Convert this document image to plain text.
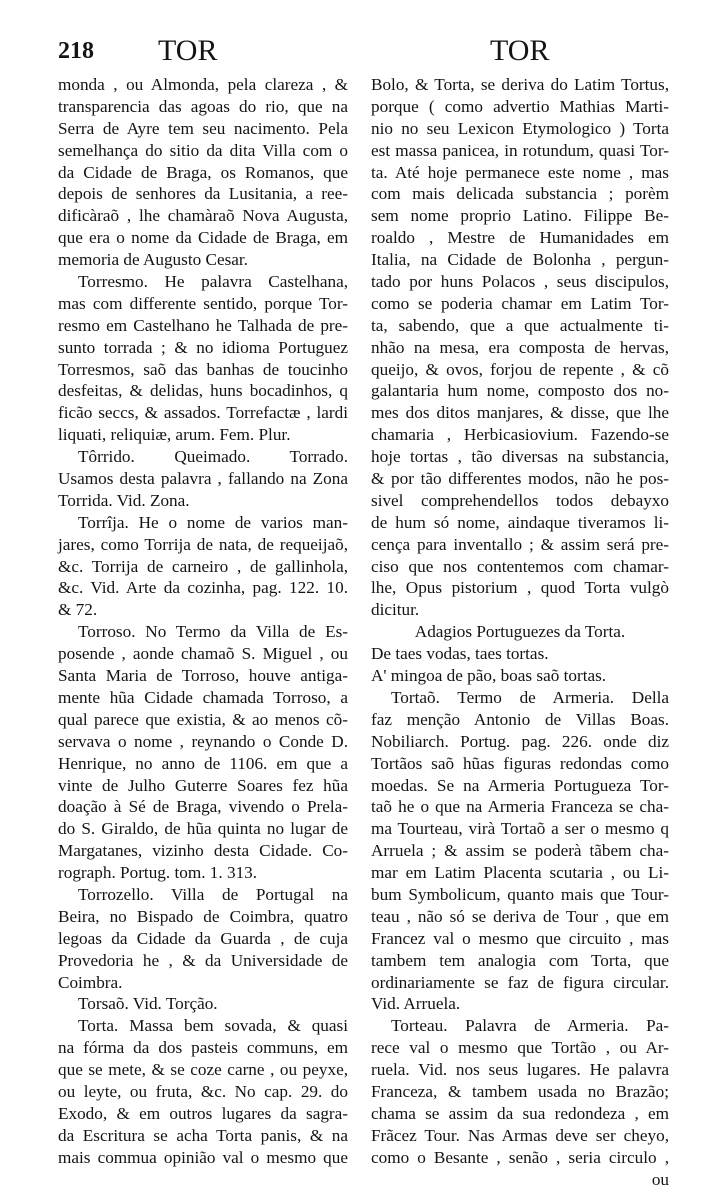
218 TOR	TOR
monda , ou Almonda, pela clareza , &
transparencia das agoas do rio, que na
Serra de Ayre tem seu nacimento. Pela
semelhança do sitio da dita Villa com o
da Cidade de Braga, os Romanos, que
depois de senhores da Lusitania, a ree-
dificàraõ , lhe chamàraõ Nova Augusta,
que era o nome da Cidade de Braga, em
memoria de Augusto Cesar.
Torresmo. He palavra Castelhana,
mas com differente sentido, porque Tor-
resmo em Castelhano he Talhada de pre-
sunto torrada ; & no idioma Portuguez
Torresmos, saõ das banhas de toucinho
desfeitas, & delidas, huns bocadinhos, q
ficão seccs, & assados. Torrefactæ , lardi
liquati, reliquiæ, arum. Fem. Plur.
Tôrrido. Queimado. Torrado.
Usamos desta palavra , fallando na Zona
Torrida. Vid. Zona.
Torrîja. He o nome de varios man-
jares, como Torrija de nata, de requeijaõ,
&c. Torrija de carneiro , de gallinhola,
&c. Vid. Arte da cozinha, pag. 122. 10.
& 72.
Torroso. No Termo da Villa de Es-
posende , aonde chamaõ S. Miguel , ou
Santa Maria de Torroso, houve antiga-
mente hũa Cidade chamada Torroso, a
qual parece que existia, & ao menos cõ-
servava o nome , reynando o Conde D.
Henrique, no anno de 1106. em que a
vinte de Julho Guterre Soares fez hũa
doação à Sé de Braga, vivendo o Prela-
do S. Giraldo, de hũa quinta no lugar de
Margatanes, vizinho desta Cidade. Co-
rograph. Portug. tom. 1. 313.
Torrozello. Villa de Portugal na
Beira, no Bispado de Coimbra, quatro
legoas da Cidade da Guarda , de cuja
Provedoria he , & da Universidade de
Coimbra.
Torsaõ. Vid. Torção.
Torta. Massa bem sovada, & quasi
na fórma da dos pasteis communs, em
que se mete, & se coze carne , ou peyxe,
ou leyte, ou fruta, &c. No cap. 29. do
Exodo, & em outros lugares da sagra-
da Escritura se acha Torta panis, & na
mais commua opinião val o mesmo que
Bolo, & Torta, se deriva do Latim Tortus,
porque ( como advertio Mathias Marti-
nio no seu Lexicon Etymologico ) Torta
est massa panicea, in rotundum, quasi Tor-
ta. Até hoje permanece este nome , mas
com mais delicada substancia ; porèm
sem nome proprio Latino. Filippe Be-
roaldo , Mestre de Humanidades em
Italia, na Cidade de Bolonha , pergun-
tado por huns Polacos , seus discipulos,
como se poderia chamar em Latim Tor-
ta, sabendo, que a que actualmente ti-
nhão na mesa, era composta de hervas,
queijo, & ovos, forjou de repente , & cõ
galantaria hum nome, composto dos no-
mes dos ditos manjares, & disse, que lhe
chamaria , Herbicasiovium. Fazendo-se
hoje tortas , tão diversas na substancia,
& por tão differentes modos, não he pos-
sivel comprehendellos todos debayxo
de hum só nome, aindaque tiveramos li-
cença para inventallo ; & assim será pre-
ciso que nos contentemos com chamar-
lhe, Opus pistorium , quod Torta vulgò
dicitur.
Adagios Portuguezes da Torta.
De taes vodas, taes tortas.
A' mingoa de pão, boas saõ tortas.
Tortaõ. Termo de Armeria. Della
faz menção Antonio de Villas Boas.
Nobiliarch. Portug. pag. 226. onde diz
Tortãos saõ hũas figuras redondas como
moedas. Se na Armeria Portugueza Tor-
taõ he o que na Armeria Franceza se cha-
ma Tourteau, virà Tortaõ a ser o mesmo q
Arruela ; & assim se poderà tãbem cha-
mar em Latim Placenta scutaria , ou Li-
bum Symbolicum, quanto mais que Tour-
teau , não só se deriva de Tour , que em
Francez val o mesmo que circuito , mas
tambem tem analogia com Torta, que
ordinariamente se faz de figura circular.
Vid. Arruela.
Torteau. Palavra de Armeria. Pa-
rece val o mesmo que Tortão , ou Ar-
ruela. Vid. nos seus lugares. He palavra
Franceza, & tambem usada no Brazão;
chama se assim da sua redondeza , em
Frãcez Tour. Nas Armas deve ser cheyo,
como o Besante , senão , seria circulo ,
ou
